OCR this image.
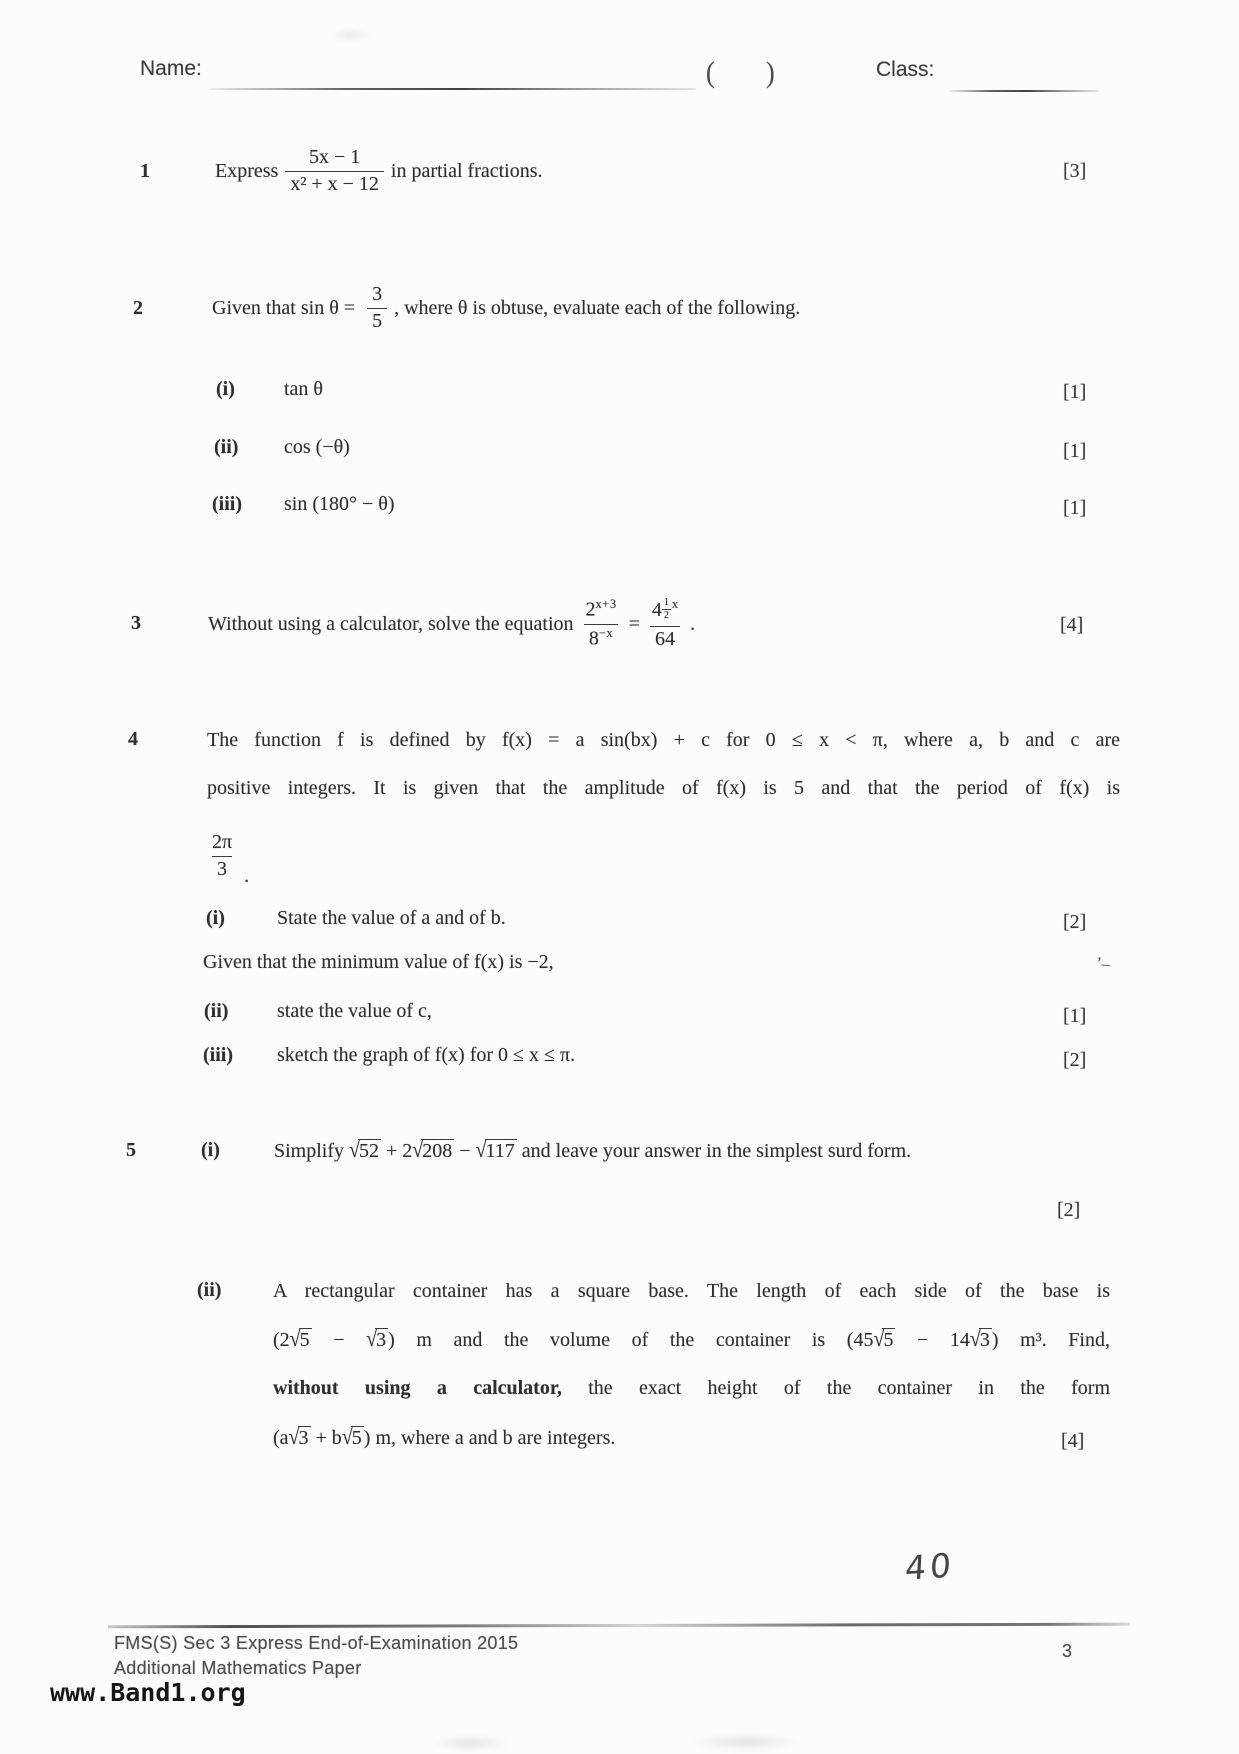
Name:	( )	Class:
1	Express $\frac{5x - 1}{\text{x² + x − 12}}$ in partial fractions.	[3]
2	Given that $\sin \theta = \frac{3}{5}$ , where θ is obtuse, evaluate each of the following.
(i) tan θ	[1]
(ii) cos (−θ)	[1]
(iii) sin (180° − θ)	[1]
3	Without using a calculator, solve the equation $\frac{2^{x+3}}{8^{-x}} = 4$ $^{\frac{1}{2} x}$
64 .	[4]
4	The function f is defined by f(x) = a sin(bx) + c for 0 ≤ x < π, where a, b and c are
positive integers. It is given that the amplitude of f(x) is 5 and that the period of f(x) is
$\frac{2\pi}{3}$ .
(i)	State the value of a and of b.	[2]
Given that the minimum value of f(x) is −2,	’–
(ii) state the value of c,	[1]
(iii) sketch the graph of f(x) for 0 ≤ x ≤ π.	[2]
5	(i)	Simplify √52 + 2√208 − √117 and leave your answer in the simplest surd form.
[2]
(ii)	A rectangular container has a square base. The length of each side of the base is
(2√5 − √3 ) m and the volume of the container is (45√5 − 14√3 ) m³. Find,
without using a calculator, the exact height of the container in the form
(a√3 + b√5 ) m, where a and b are integers.	[4]
40
FMS(S) Sec 3 Express End-of-Examination 2015
Additional Mathematics Paper
3
www.Band1.org
